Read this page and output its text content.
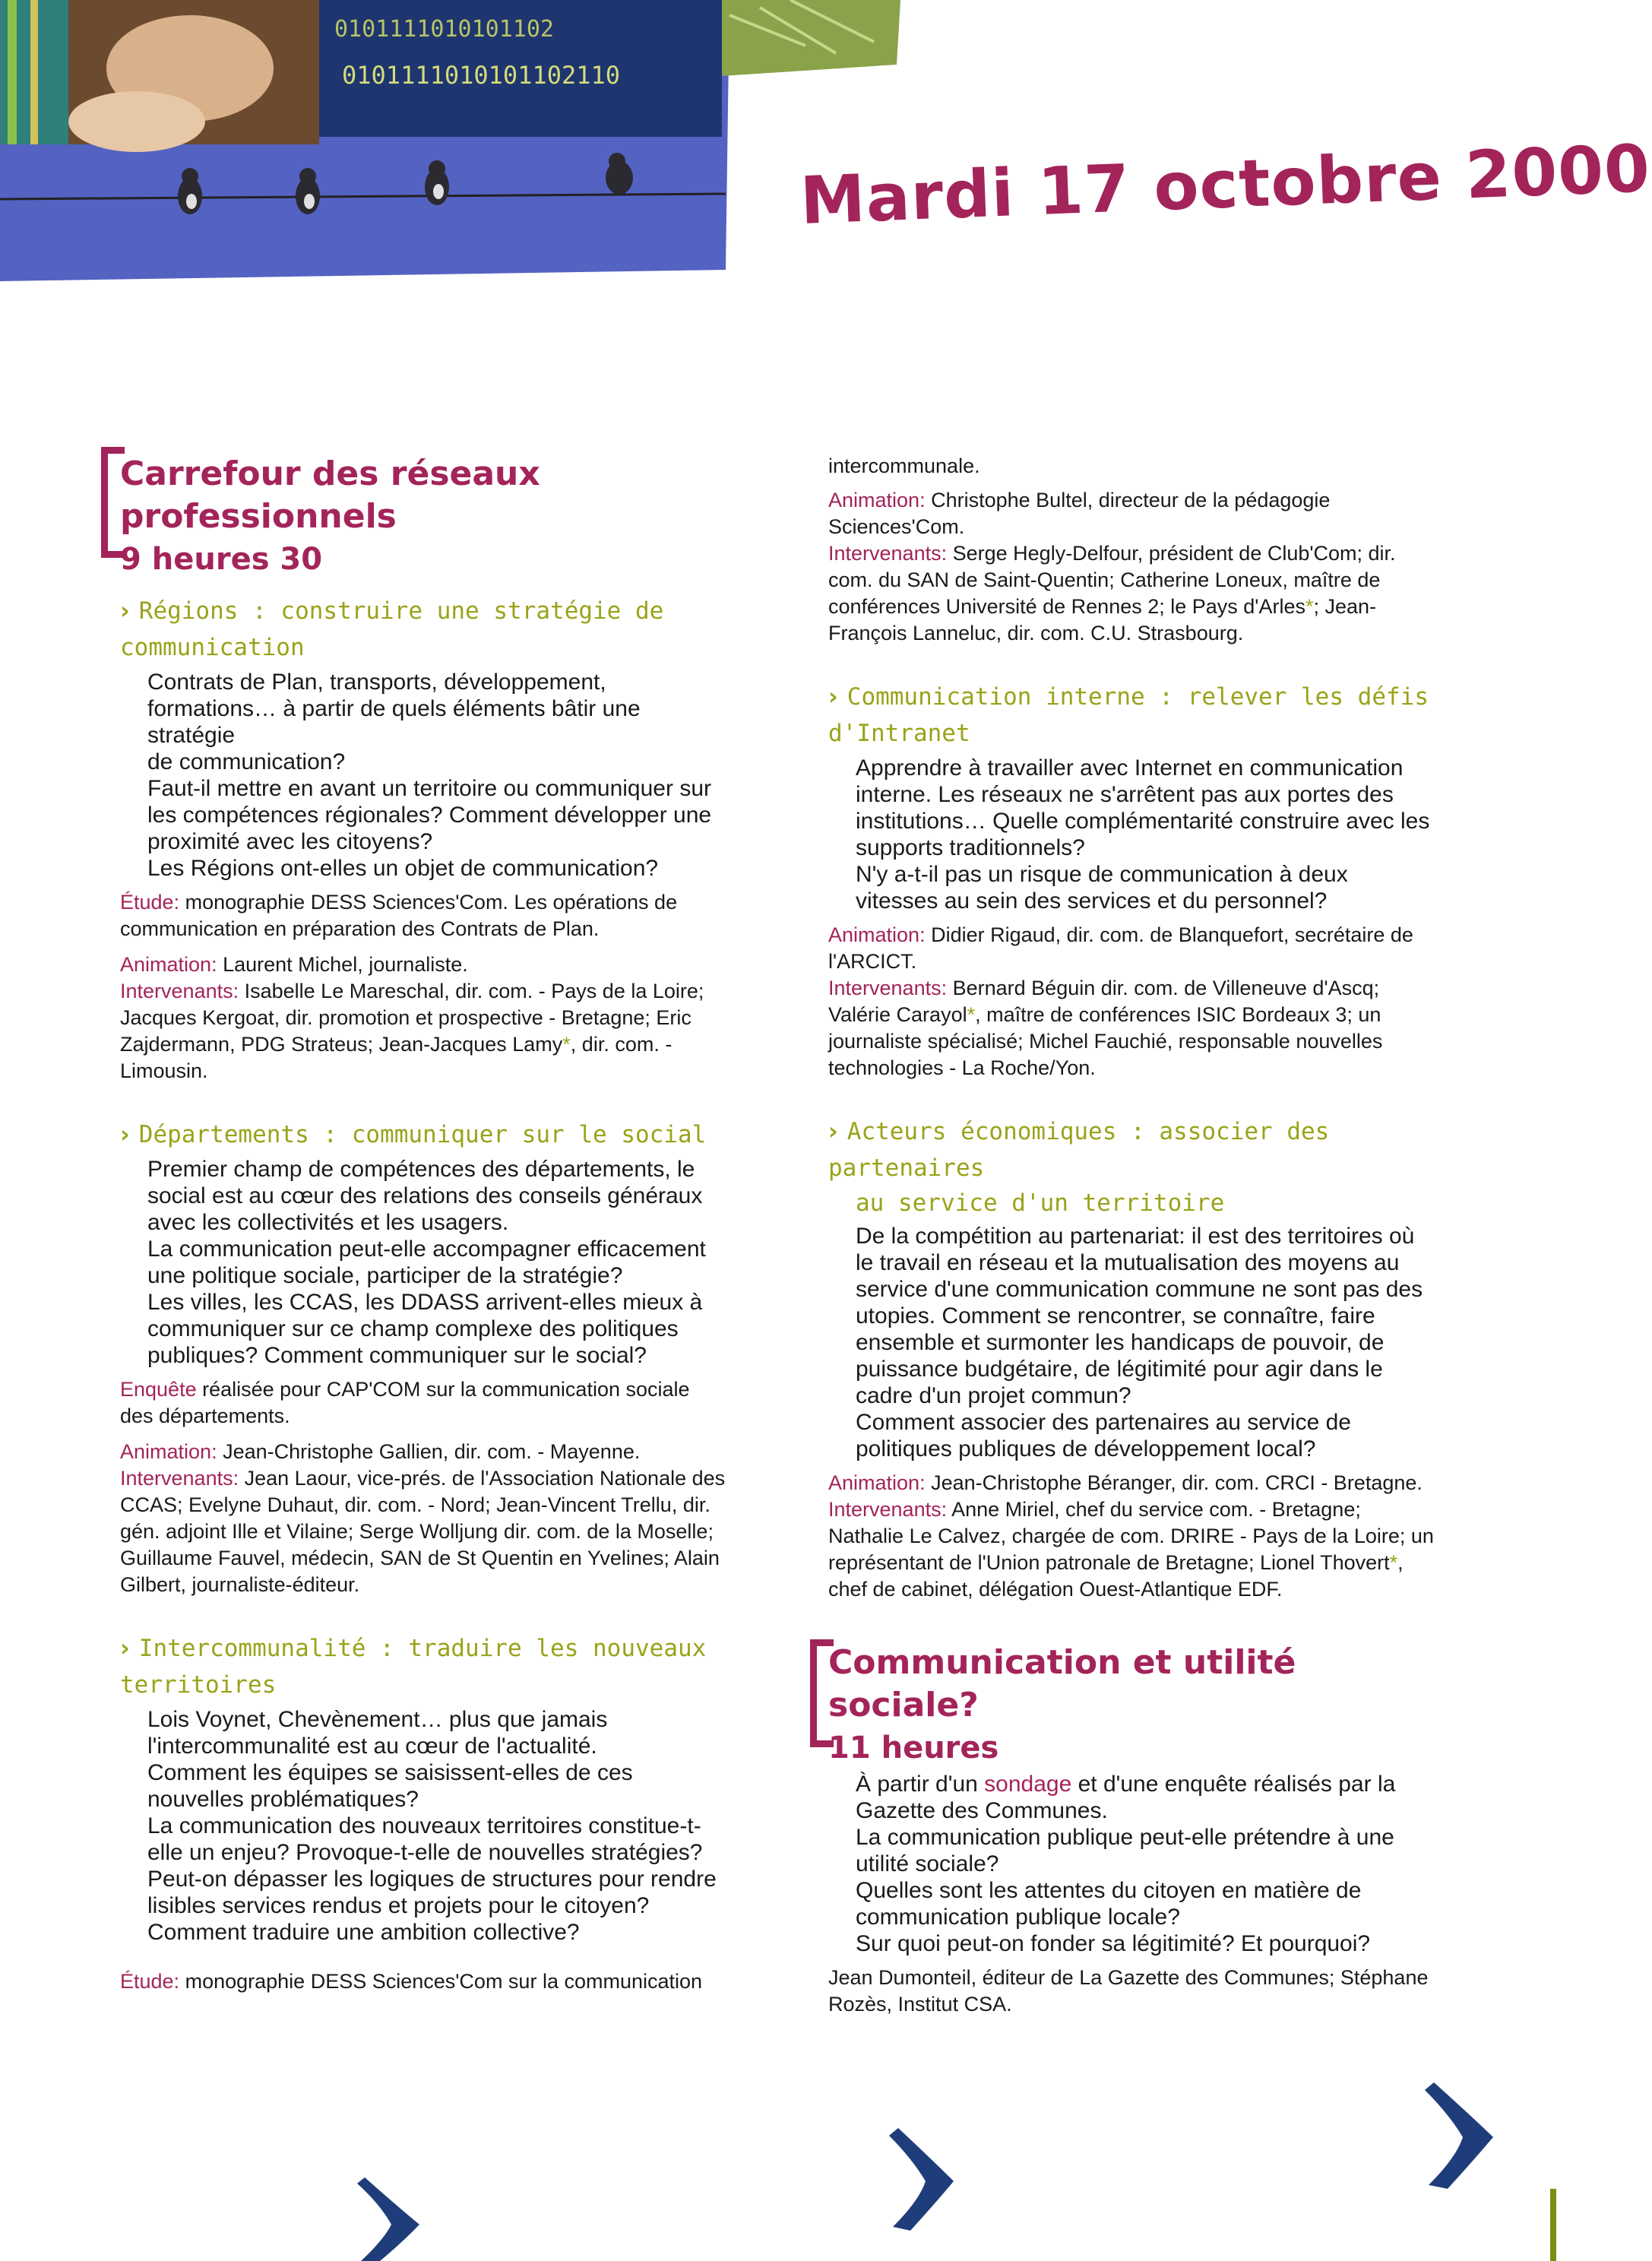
0101111010101102
0101111010101102110
Mardi 17 octobre 2000

Carrefour des réseaux professionnels

9 heures 30

› Régions : construire une stratégie de communication

Contrats de Plan, transports, développement, formations… à partir de quels éléments bâtir une stratégie

de communication?

Faut-il mettre en avant un territoire ou communiquer sur les compétences régionales? Comment développer une proximité avec les citoyens?

Les Régions ont-elles un objet de communication?

Étude: monographie DESS Sciences'Com. Les opérations de communication en préparation des Contrats de Plan.

Animation: Laurent Michel, journaliste.

Intervenants: Isabelle Le Mareschal, dir. com. - Pays de la Loire; Jacques Kergoat, dir. promotion et prospective - Bretagne; Eric Zajdermann, PDG Strateus; Jean-Jacques Lamy*, dir. com. - Limousin.

› Départements : communiquer sur le social

Premier champ de compétences des départements, le social est au cœur des relations des conseils généraux avec les collectivités et les usagers.

La communication peut-elle accompagner efficacement une politique sociale, participer de la stratégie?

Les villes, les CCAS, les DDASS arrivent-elles mieux à communiquer sur ce champ complexe des politiques publiques? Comment communiquer sur le social?

Enquête réalisée pour CAP'COM sur la communication sociale des départements.

Animation: Jean-Christophe Gallien, dir. com. - Mayenne.

Intervenants: Jean Laour, vice-prés. de l'Association Nationale des CCAS; Evelyne Duhaut, dir. com. - Nord; Jean-Vincent Trellu, dir. gén. adjoint Ille et Vilaine; Serge Wolljung dir. com. de la Moselle; Guillaume Fauvel, médecin, SAN de St Quentin en Yvelines; Alain Gilbert, journaliste-éditeur.

› Intercommunalité : traduire les nouveaux territoires

Lois Voynet, Chevènement… plus que jamais l'intercommunalité est au cœur de l'actualité.

Comment les équipes se saisissent-elles de ces nouvelles problématiques?

La communication des nouveaux territoires constitue-t-elle un enjeu? Provoque-t-elle de nouvelles stratégies?

Peut-on dépasser les logiques de structures pour rendre lisibles services rendus et projets pour le citoyen?

Comment traduire une ambition collective?

Étude: monographie DESS Sciences'Com sur la communication

intercommunale.

Animation: Christophe Bultel, directeur de la pédagogie Sciences'Com.

Intervenants: Serge Hegly-Delfour, président de Club'Com; dir. com. du SAN de Saint-Quentin; Catherine Loneux, maître de conférences Université de Rennes 2; le Pays d'Arles*; Jean-François Lanneluc, dir. com. C.U. Strasbourg.

› Communication interne : relever les défis d'Intranet

Apprendre à travailler avec Internet en communication interne. Les réseaux ne s'arrêtent pas aux portes des institutions… Quelle complémentarité construire avec les supports traditionnels?

N'y a-t-il pas un risque de communication à deux vitesses au sein des services et du personnel?

Animation: Didier Rigaud, dir. com. de Blanquefort, secrétaire de l'ARCICT.

Intervenants: Bernard Béguin dir. com. de Villeneuve d'Ascq; Valérie Carayol*, maître de conférences ISIC Bordeaux 3; un journaliste spécialisé; Michel Fauchié, responsable nouvelles technologies - La Roche/Yon.

› Acteurs économiques : associer des partenaires

au service d'un territoire

De la compétition au partenariat: il est des territoires où le travail en réseau et la mutualisation des moyens au service d'une communication commune ne sont pas des utopies. Comment se rencontrer, se connaître, faire ensemble et surmonter les handicaps de pouvoir, de puissance budgétaire, de légitimité pour agir dans le cadre d'un projet commun?

Comment associer des partenaires au service de politiques publiques de développement local?

Animation: Jean-Christophe Béranger, dir. com. CRCI - Bretagne.

Intervenants: Anne Miriel, chef du service com. - Bretagne; Nathalie Le Calvez, chargée de com. DRIRE - Pays de la Loire; un représentant de l'Union patronale de Bretagne; Lionel Thovert*, chef de cabinet, délégation Ouest-Atlantique EDF.

Communication et utilité sociale?

11 heures

À partir d'un sondage et d'une enquête réalisés par la Gazette des Communes.

La communication publique peut-elle prétendre à une utilité sociale?

Quelles sont les attentes du citoyen en matière de communication publique locale?

Sur quoi peut-on fonder sa légitimité? Et pourquoi?

Jean Dumonteil, éditeur de La Gazette des Communes; Stéphane Rozès, Institut CSA.
